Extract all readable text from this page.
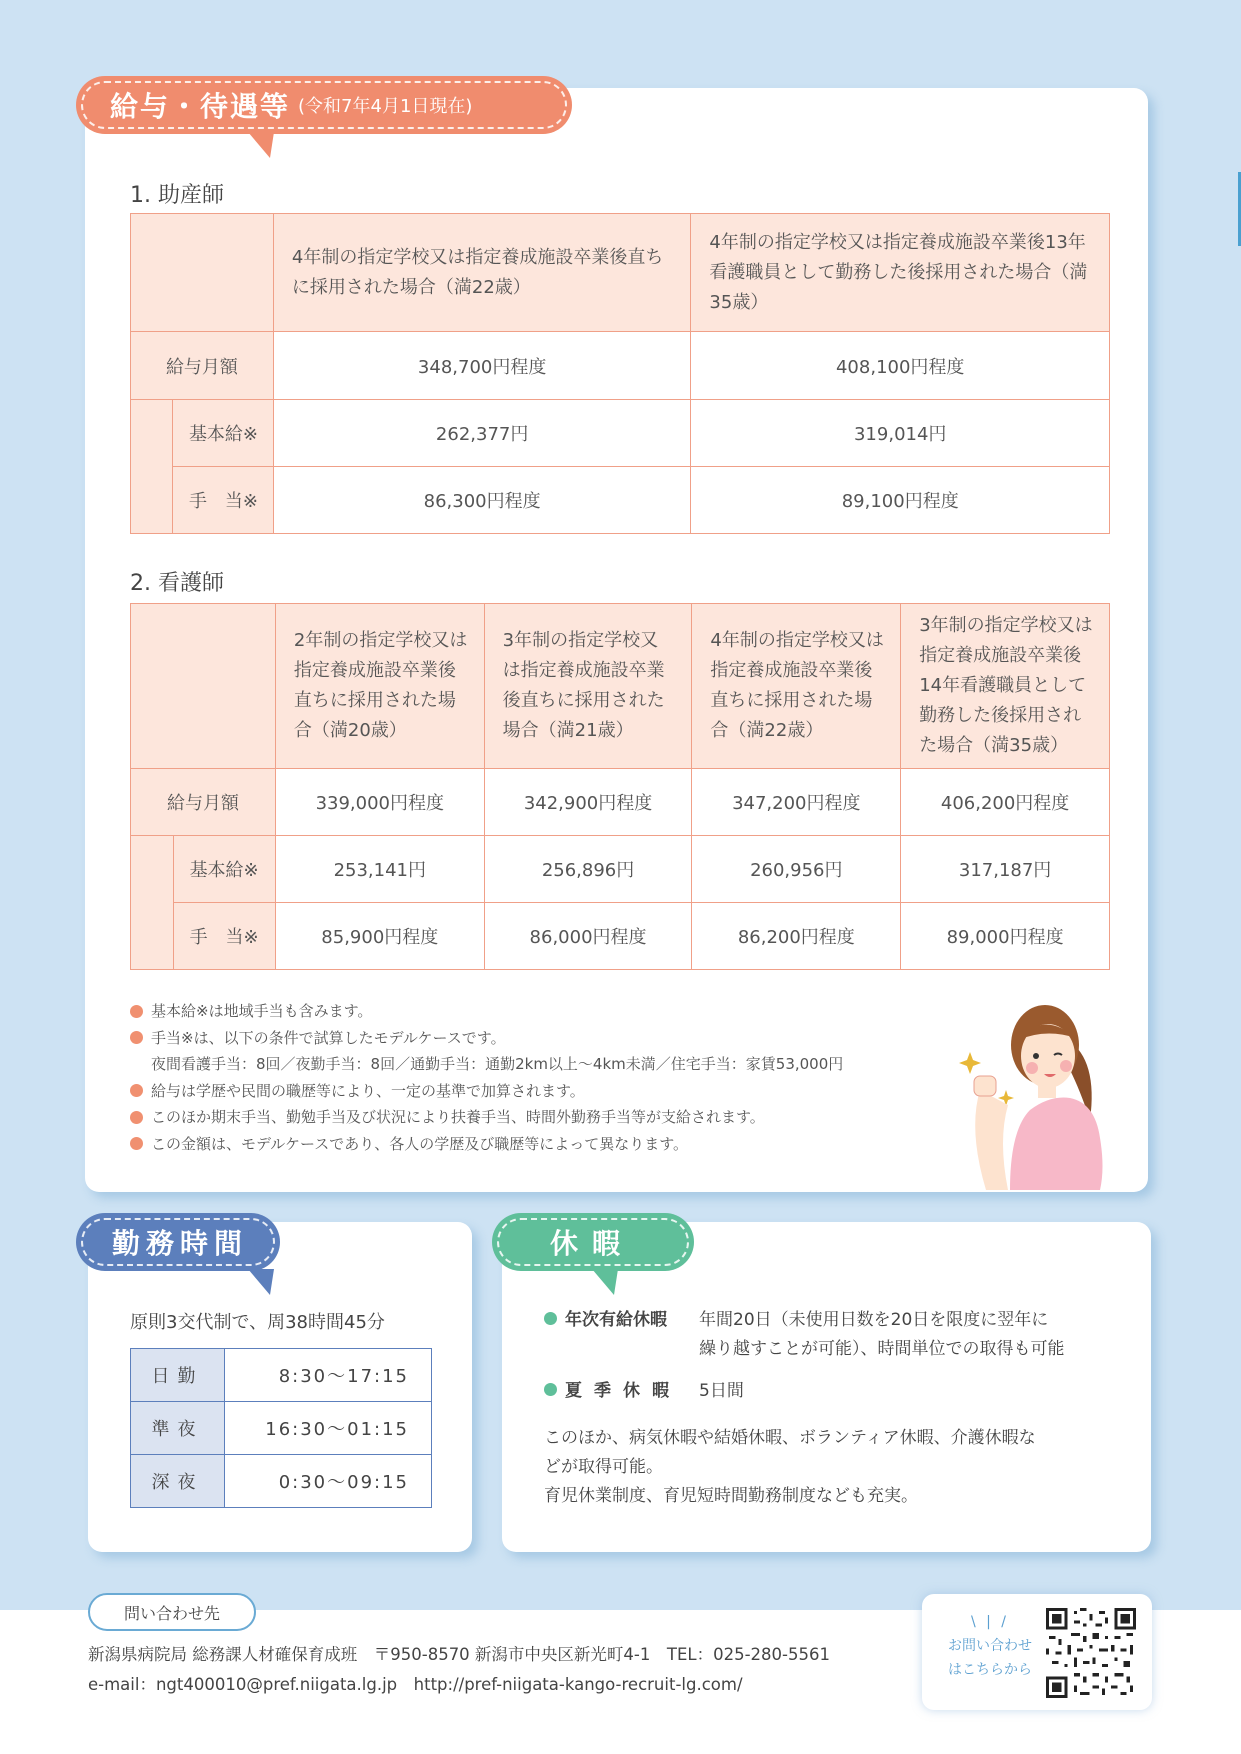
給与・待遇等 (令和7年4月1日現在)
1. 助産師
		4年制の指定学校又は指定養成施設卒業後直ちに採用された場合（満22歳）	4年制の指定学校又は指定養成施設卒業後13年看護職員として勤務した後採用された場合（満35歳）
給与月額		348,700円程度	408,100円程度
	基本給※	262,377円	319,014円
	手　当※	86,300円程度	89,100円程度
2. 看護師
		2年制の指定学校又は指定養成施設卒業後直ちに採用された場合（満20歳）	3年制の指定学校又は指定養成施設卒業後直ちに採用された場合（満21歳）	4年制の指定学校又は指定養成施設卒業後直ちに採用された場合（満22歳）	3年制の指定学校又は指定養成施設卒業後14年看護職員として勤務した後採用された場合（満35歳）
給与月額		339,000円程度	342,900円程度	347,200円程度	406,200円程度
	基本給※	253,141円	256,896円	260,956円	317,187円
	手　当※	85,900円程度	86,000円程度	86,200円程度	89,000円程度
基本給※は地域手当も含みます。
手当※は、以下の条件で試算したモデルケースです。
夜間看護手当：8回／夜勤手当：8回／通勤手当：通勤2km以上～4km未満／住宅手当：家賃53,000円
給与は学歴や民間の職歴等により、一定の基準で加算されます。
このほか期末手当、勤勉手当及び状況により扶養手当、時間外勤務手当等が支給されます。
この金額は、モデルケースであり、各人の学歴及び職歴等によって異なります。
勤務時間
原則3交代制で、周38時間45分
日勤	8:30～17:15
準夜	16:30～01:15
深夜	0:30～09:15
休暇
年次有給休暇 年間20日（未使用日数を20日を限度に翌年に
繰り越すことが可能）、時間単位での取得も可能
夏季休暇 5日間
このほか、病気休暇や結婚休暇、ボランティア休暇、介護休暇な
どが取得可能。
育児休業制度、育児短時間勤務制度なども充実。
問い合わせ先
新潟県病院局 総務課人材確保育成班　〒950-8570 新潟市中央区新光町4-1　TEL：025-280-5561
e-mail：ngt400010@pref.niigata.lg.jp　http://pref-niigata-kango-recruit-lg.com/
\ | /
お問い合わせ
はこちらから
